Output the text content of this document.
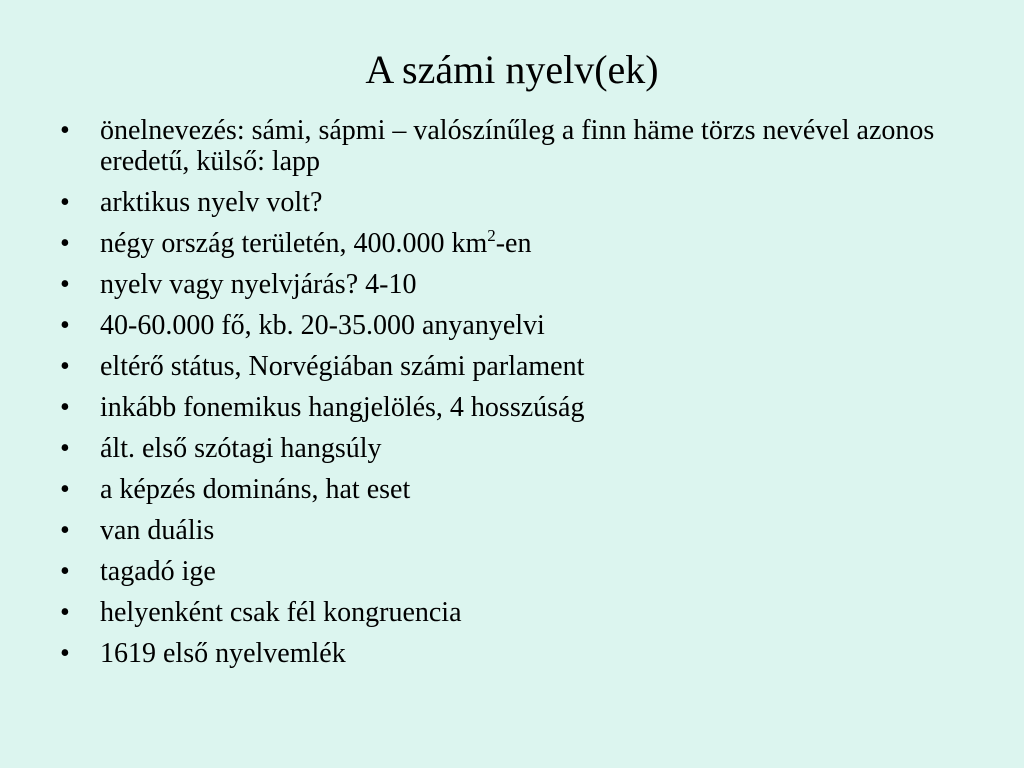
A számi nyelv(ek)
• önelnevezés: sámi, sápmi – valószínűleg a finn häme törzs nevével azonos eredetű, külső: lapp
• arktikus nyelv volt?
• négy ország területén, 400.000 $km^2-en$
• nyelv vagy nyelvjárás? 4-10
• 40-60.000 fő, kb. 20-35.000 anyanyelvi
• eltérő státus, Norvégiában számi parlament
• inkább fonemikus hangjelölés, 4 hosszúság
• ált. első szótagi hangsúly
• a képzés domináns, hat eset
• van duális
• tagadó ige
• helyenként csak fél kongruencia
• 1619 első nyelvemlék
